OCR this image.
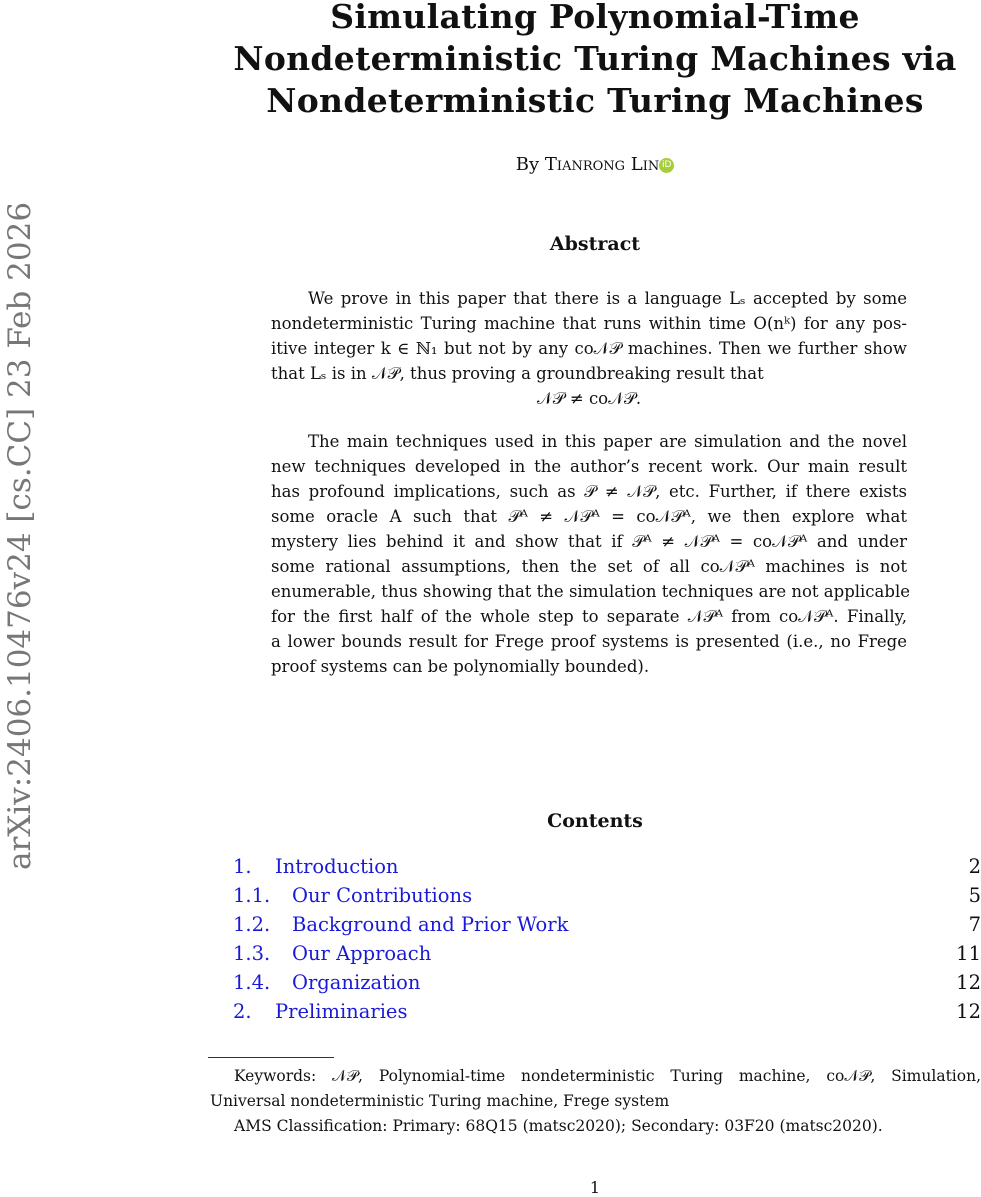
arXiv:2406.10476v24 [cs.CC] 23 Feb 2026
Simulating Polynomial-Time
Nondeterministic Turing Machines via
Nondeterministic Turing Machines
By Tianrong Lin iD
Abstract
We prove in this paper that there is a language Lₛ accepted by some
nondeterministic Turing machine that runs within time O(nᵏ) for any pos-
itive integer k ∈ ℕ₁ but not by any co𝒩𝒫 machines. Then we further show
that Lₛ is in 𝒩𝒫, thus proving a groundbreaking result that
𝒩𝒫 ≠ co𝒩𝒫.
The main techniques used in this paper are simulation and the novel
new techniques developed in the author’s recent work. Our main result
has profound implications, such as 𝒫 ≠ 𝒩𝒫, etc. Further, if there exists
some oracle A such that 𝒫ᴬ ≠ 𝒩𝒫ᴬ = co𝒩𝒫ᴬ, we then explore what
mystery lies behind it and show that if 𝒫ᴬ ≠ 𝒩𝒫ᴬ = co𝒩𝒫ᴬ and under
some rational assumptions, then the set of all co𝒩𝒫ᴬ machines is not
enumerable, thus showing that the simulation techniques are not applicable
for the first half of the whole step to separate 𝒩𝒫ᴬ from co𝒩𝒫ᴬ. Finally,
a lower bounds result for Frege proof systems is presented (i.e., no Frege
proof systems can be polynomially bounded).
Contents
1.	Introduction	2
1.1.	Our Contributions	5
1.2.	Background and Prior Work	7
1.3.	Our Approach	11
1.4.	Organization	12
2.	Preliminaries	12
Keywords: 𝒩𝒫, Polynomial-time nondeterministic Turing machine, co𝒩𝒫, Simulation,
Universal nondeterministic Turing machine, Frege system
AMS Classification: Primary: 68Q15 (matsc2020); Secondary: 03F20 (matsc2020).
1
